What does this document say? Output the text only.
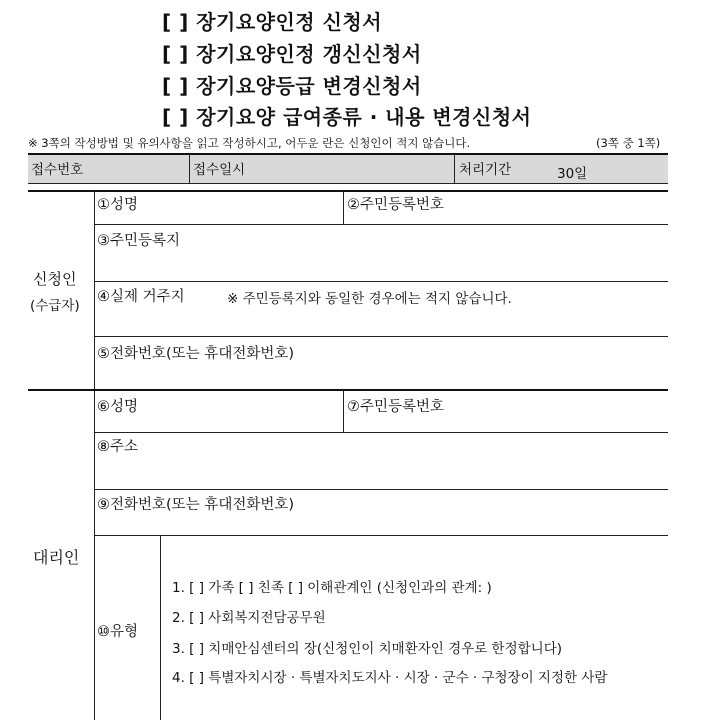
[ ] 장기요양인정 신청서
[ ] 장기요양인정 갱신신청서
[ ] 장기요양등급 변경신청서
[ ] 장기요양 급여종류 · 내용 변경신청서
※ 3쪽의 작성방법 및 유의사항을 읽고 작성하시고, 어두운 란은 신청인이 적지 않습니다.	(3쪽 중 1쪽)
접수번호	접수일시	처리기간	30일
신청인
(수급자)
①성명	②주민등록번호
③주민등록지
④실제 거주지	※ 주민등록지와 동일한 경우에는 적지 않습니다.
⑤전화번호(또는 휴대전화번호)
대리인
⑥성명	⑦주민등록번호
⑧주소
⑨전화번호(또는 휴대전화번호)
⑩유형
1. [ ] 가족 [ ] 친족 [ ] 이해관계인 (신청인과의 관계: )
2. [ ] 사회복지전담공무원
3. [ ] 치매안심센터의 장(신청인이 치매환자인 경우로 한정합니다)
4. [ ] 특별자치시장 · 특별자치도지사 · 시장 · 군수 · 구청장이 지정한 사람
